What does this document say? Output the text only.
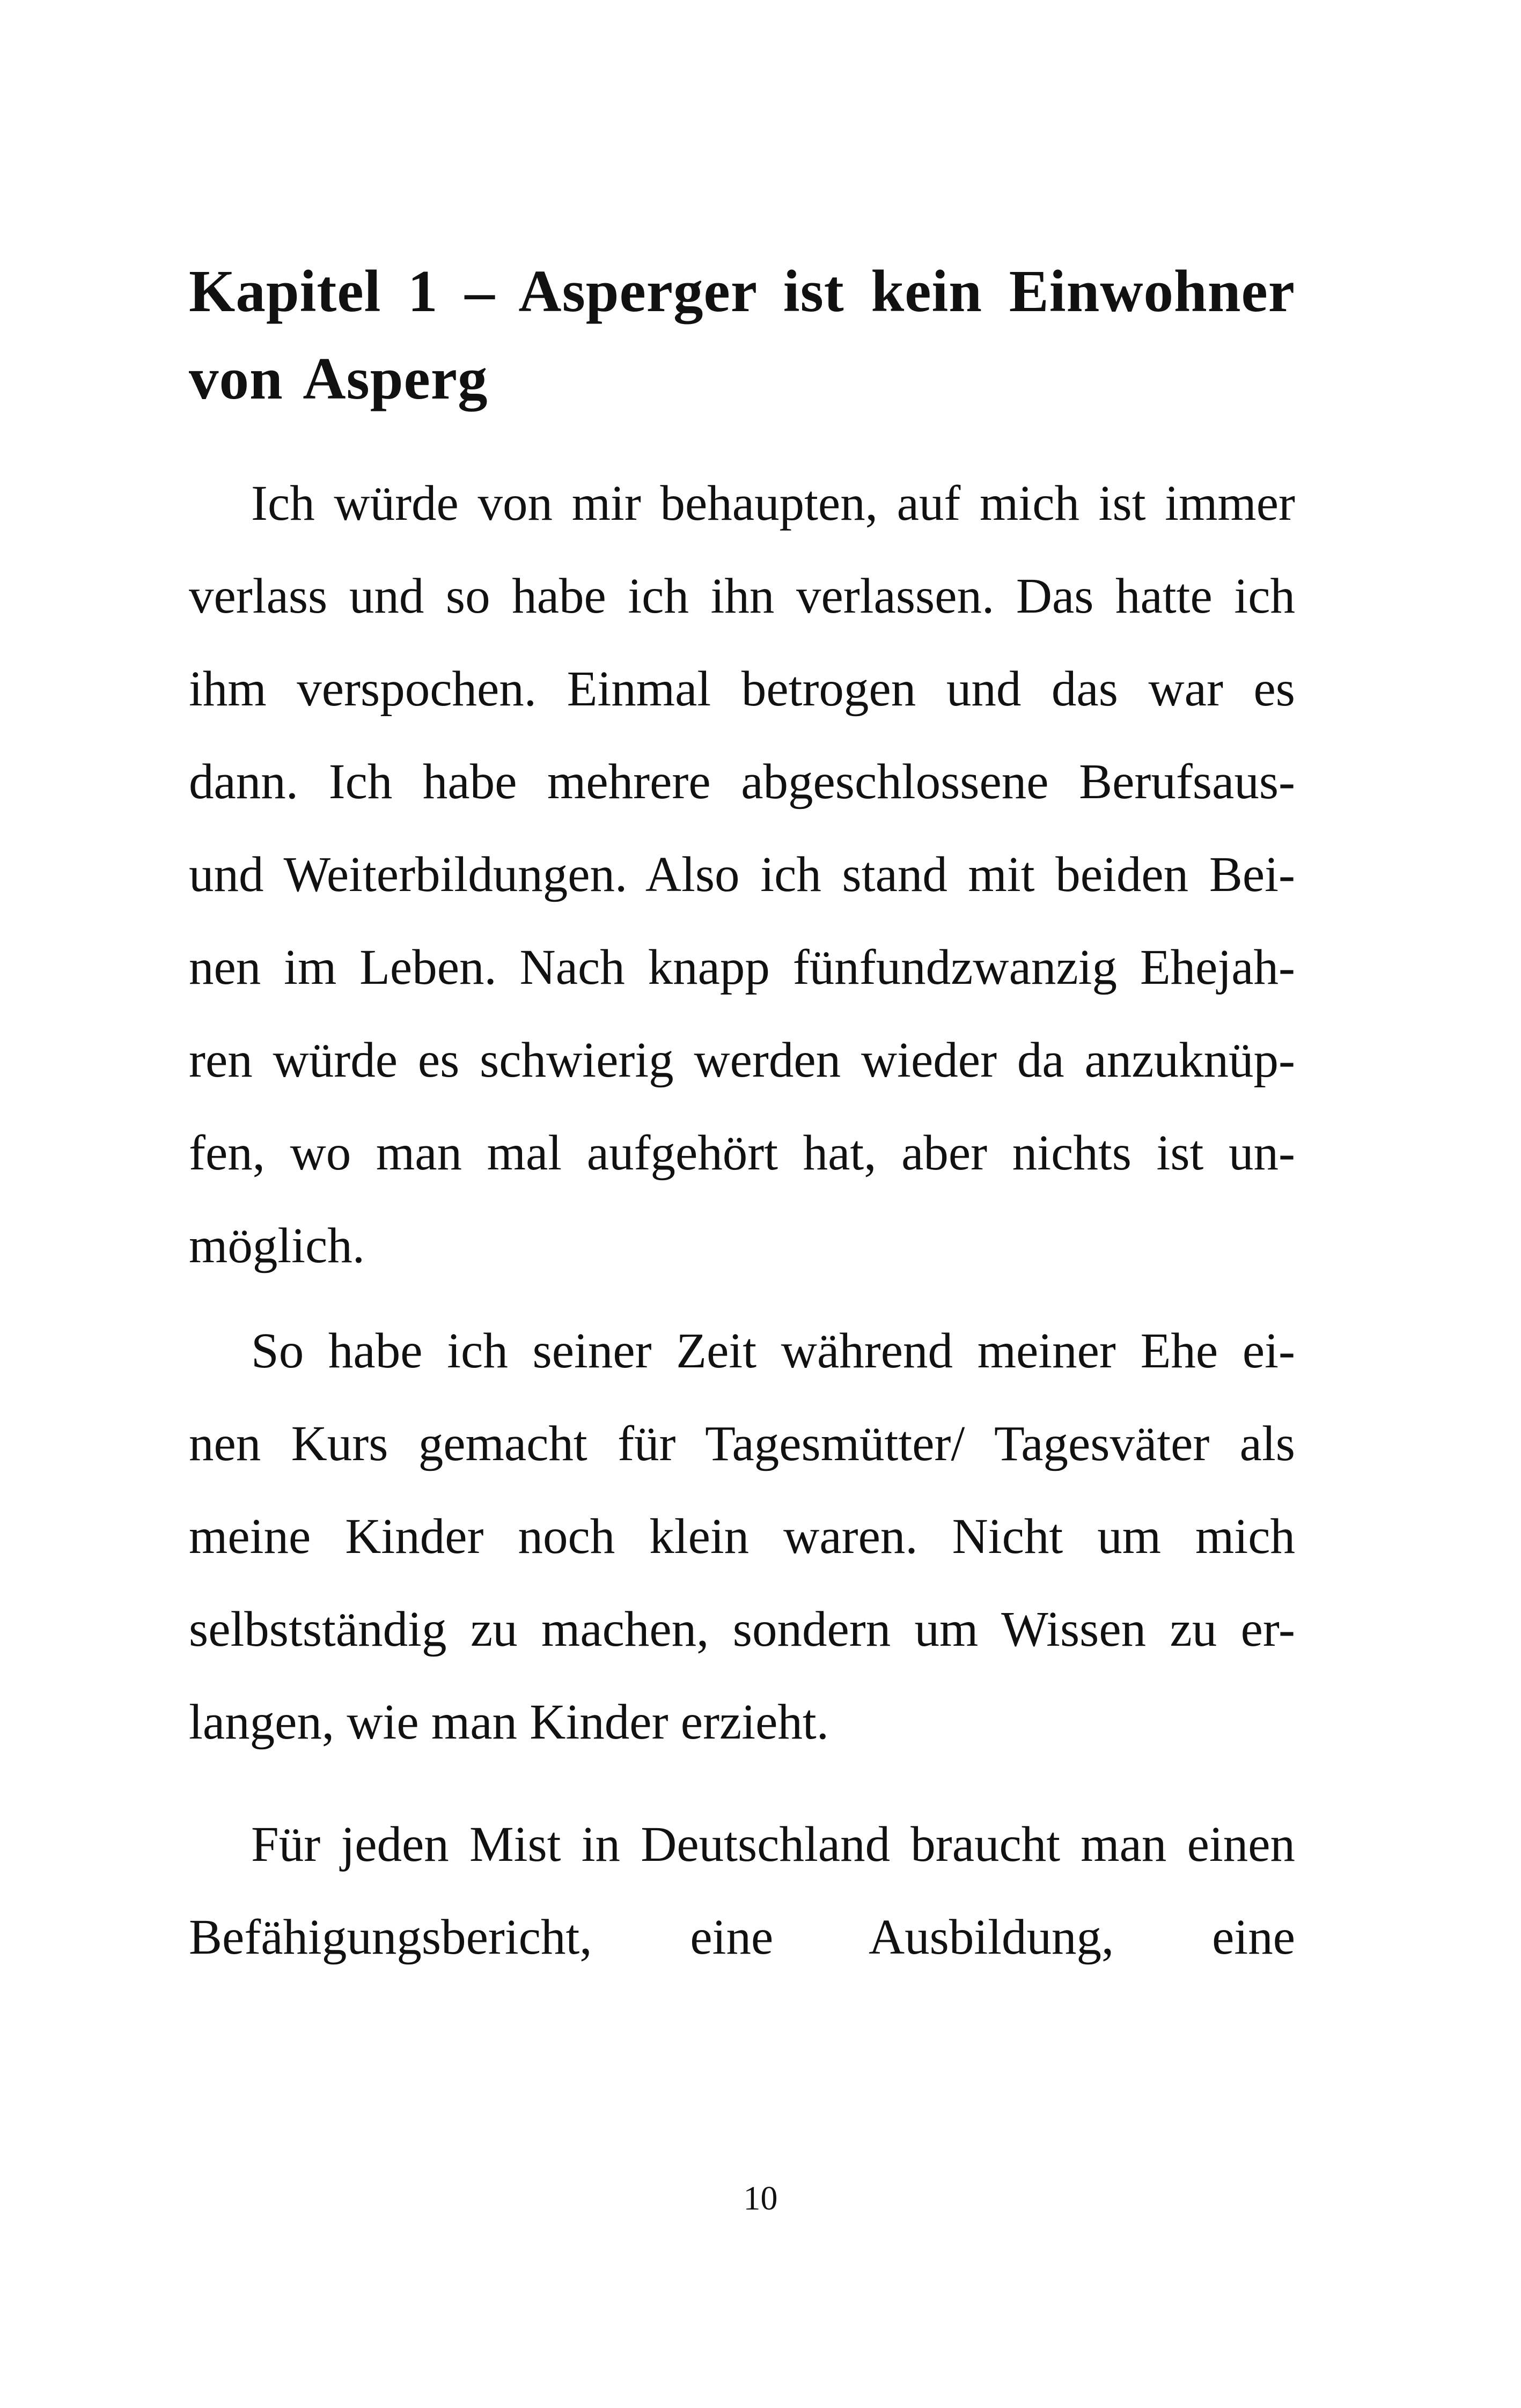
Kapitel 1 – Asperger ist kein Einwohner von Asperg

Ich würde von mir behaupten, auf mich ist immer
verlass und so habe ich ihn verlassen. Das hatte ich
ihm verspochen. Einmal betrogen und das war es
dann. Ich habe mehrere abgeschlossene Berufsaus-
und Weiterbildungen. Also ich stand mit beiden Bei-
nen im Leben. Nach knapp fünfundzwanzig Ehejah-
ren würde es schwierig werden wieder da anzuknüp-
fen, wo man mal aufgehört hat, aber nichts ist un-
möglich.

So habe ich seiner Zeit während meiner Ehe ei-
nen Kurs gemacht für Tagesmütter/ Tagesväter als
meine Kinder noch klein waren. Nicht um mich
selbstständig zu machen, sondern um Wissen zu er-
langen, wie man Kinder erzieht.

Für jeden Mist in Deutschland braucht man einen
Befähigungsbericht, eine Ausbildung, eine

10
